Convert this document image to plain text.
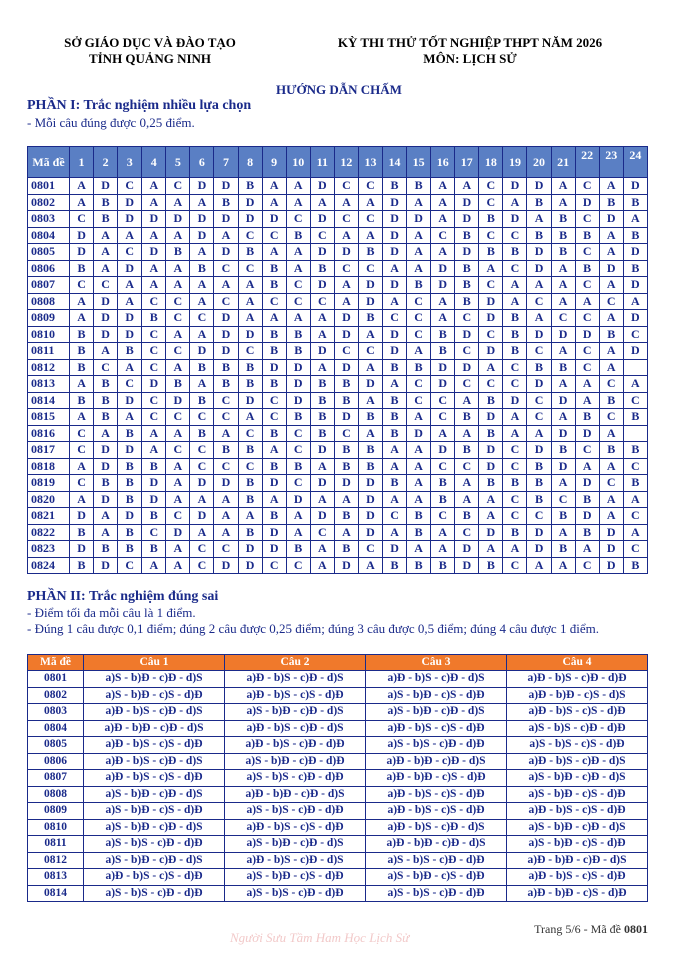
SỞ GIÁO DỤC VÀ ĐÀO TẠO
TỈNH QUẢNG NINH
KỲ THI THỬ TỐT NGHIỆP THPT NĂM 2026
MÔN: LỊCH SỬ
HƯỚNG DẪN CHẤM
PHẦN I: Trắc nghiệm nhiều lựa chọn
- Mỗi câu đúng được 0,25 điểm.
Mã đề	1	2	3	4	5	6	7	8	9	10	11	12	13	14	15	16	17	18	19	20	21	22	23	24
0801	A	D	C	A	C	D	D	B	A	A	D	C	C	B	B	A	A	C	D	D	A	C	A	D
0802	A	B	D	A	A	A	B	D	A	A	A	A	A	D	A	A	D	C	A	B	A	D	B	B
0803	C	B	D	D	D	D	D	D	D	C	D	C	C	D	D	A	D	B	D	A	B	C	D	A
0804	D	A	A	A	A	D	A	C	C	B	C	A	A	D	A	C	B	C	C	B	B	B	A	B
0805	D	A	C	D	B	A	D	B	A	A	D	D	B	D	A	A	D	B	B	D	B	C	A	D
0806	B	A	D	A	A	B	C	C	B	A	B	C	C	A	A	D	B	A	C	D	A	B	D	B
0807	C	C	A	A	A	A	A	A	B	C	D	A	D	D	B	D	B	C	A	A	A	C	A	D
0808	A	D	A	C	C	A	C	A	C	C	C	A	D	A	C	A	B	D	A	C	A	A	C	A
0809	A	D	D	B	C	C	D	A	A	A	A	D	B	C	C	A	C	D	B	A	C	C	A	D
0810	B	D	D	C	A	A	D	D	B	B	A	D	A	D	C	B	D	C	B	D	D	D	B	C
0811	B	A	B	C	C	D	D	C	B	B	D	C	C	D	A	B	C	D	B	C	A	C	A	D
0812	B	C	A	C	A	B	B	B	D	D	A	D	A	B	B	D	D	A	C	B	B	C	A	
0813	A	B	C	D	B	A	B	B	B	D	B	B	D	A	C	D	C	C	C	D	A	A	C	A
0814	B	B	D	C	D	B	C	D	C	D	B	B	A	B	C	C	A	B	D	C	D	A	B	C
0815	A	B	A	C	C	C	C	A	C	B	B	D	B	B	A	C	B	D	A	C	A	B	C	B
0816	C	A	B	A	A	B	A	C	B	C	B	C	A	B	D	A	A	B	A	A	D	D	A	
0817	C	D	D	A	C	C	B	B	A	C	D	B	B	A	A	D	B	D	C	D	B	C	B	B
0818	A	D	B	B	A	C	C	C	B	B	A	B	B	A	A	C	C	D	C	B	D	A	A	C
0819	C	B	B	D	A	D	D	B	D	C	D	D	D	B	A	B	A	B	B	B	A	D	C	B
0820	A	D	B	D	A	A	A	B	A	D	A	A	D	A	A	B	A	A	C	B	C	B	A	A
0821	D	A	D	B	C	D	A	A	B	A	D	B	D	C	B	C	B	A	C	C	B	D	A	C
0822	B	A	B	C	D	A	A	B	D	A	C	A	D	A	B	A	C	D	B	D	A	B	D	A
0823	D	B	B	B	A	C	C	D	D	B	A	B	C	D	A	A	D	A	A	D	B	A	D	C
0824	B	D	C	A	A	C	D	D	C	C	A	D	A	B	B	B	D	B	C	A	A	C	D	B
PHẦN II: Trắc nghiệm đúng sai
- Điểm tối đa mỗi câu là 1 điểm.
- Đúng 1 câu được 0,1 điểm; đúng 2 câu được 0,25 điểm; đúng 3 câu được 0,5 điểm; đúng 4 câu được 1 điểm.
Mã đề	Câu 1	Câu 2	Câu 3	Câu 4
0801	a)S - b)Đ - c)Đ - d)S	a)Đ - b)S - c)Đ - d)S	a)Đ - b)S - c)Đ - d)S	a)Đ - b)S - c)Đ - d)Đ
0802	a)S - b)Đ - c)S - d)Đ	a)Đ - b)S - c)S - d)Đ	a)S - b)Đ - c)S - d)Đ	a)Đ - b)Đ - c)S - d)S
0803	a)Đ - b)S - c)Đ - d)S	a)S - b)Đ - c)Đ - d)S	a)S - b)Đ - c)Đ - d)S	a)Đ - b)S - c)S - d)Đ
0804	a)Đ - b)Đ - c)Đ - d)S	a)Đ - b)S - c)Đ - d)S	a)Đ - b)S - c)S - d)Đ	a)S - b)S - c)Đ - d)Đ
0805	a)Đ - b)S - c)S - d)Đ	a)Đ - b)S - c)Đ - d)Đ	a)S - b)S - c)Đ - d)Đ	a)S - b)S - c)S - d)Đ
0806	a)Đ - b)S - c)Đ - d)S	a)S - b)Đ - c)Đ - d)Đ	a)Đ - b)Đ - c)Đ - d)S	a)Đ - b)S - c)Đ - d)S
0807	a)Đ - b)S - c)S - d)Đ	a)S - b)S - c)Đ - d)Đ	a)Đ - b)Đ - c)S - d)Đ	a)S - b)Đ - c)Đ - d)S
0808	a)S - b)Đ - c)Đ - d)S	a)Đ - b)Đ - c)Đ - d)S	a)Đ - b)S - c)S - d)Đ	a)S - b)Đ - c)S - d)Đ
0809	a)S - b)Đ - c)S - d)Đ	a)S - b)S - c)Đ - d)Đ	a)Đ - b)S - c)S - d)Đ	a)Đ - b)S - c)S - d)Đ
0810	a)S - b)Đ - c)Đ - d)S	a)Đ - b)S - c)S - d)Đ	a)Đ - b)S - c)Đ - d)S	a)S - b)Đ - c)Đ - d)S
0811	a)S - b)S - c)Đ - d)Đ	a)S - b)Đ - c)Đ - d)S	a)Đ - b)Đ - c)Đ - d)S	a)S - b)Đ - c)S - d)Đ
0812	a)S - b)Đ - c)Đ - d)S	a)Đ - b)S - c)Đ - d)S	a)S - b)S - c)Đ - d)Đ	a)Đ - b)Đ - c)Đ - d)S
0813	a)Đ - b)S - c)S - d)Đ	a)S - b)Đ - c)S - d)Đ	a)S - b)Đ - c)S - d)Đ	a)Đ - b)S - c)S - d)Đ
0814	a)S - b)S - c)Đ - d)Đ	a)S - b)S - c)Đ - d)Đ	a)S - b)S - c)Đ - d)Đ	a)Đ - b)Đ - c)S - d)Đ
Người Sưu Tầm Ham Học Lịch Sử
Trang 5/6 - Mã đề 0801
